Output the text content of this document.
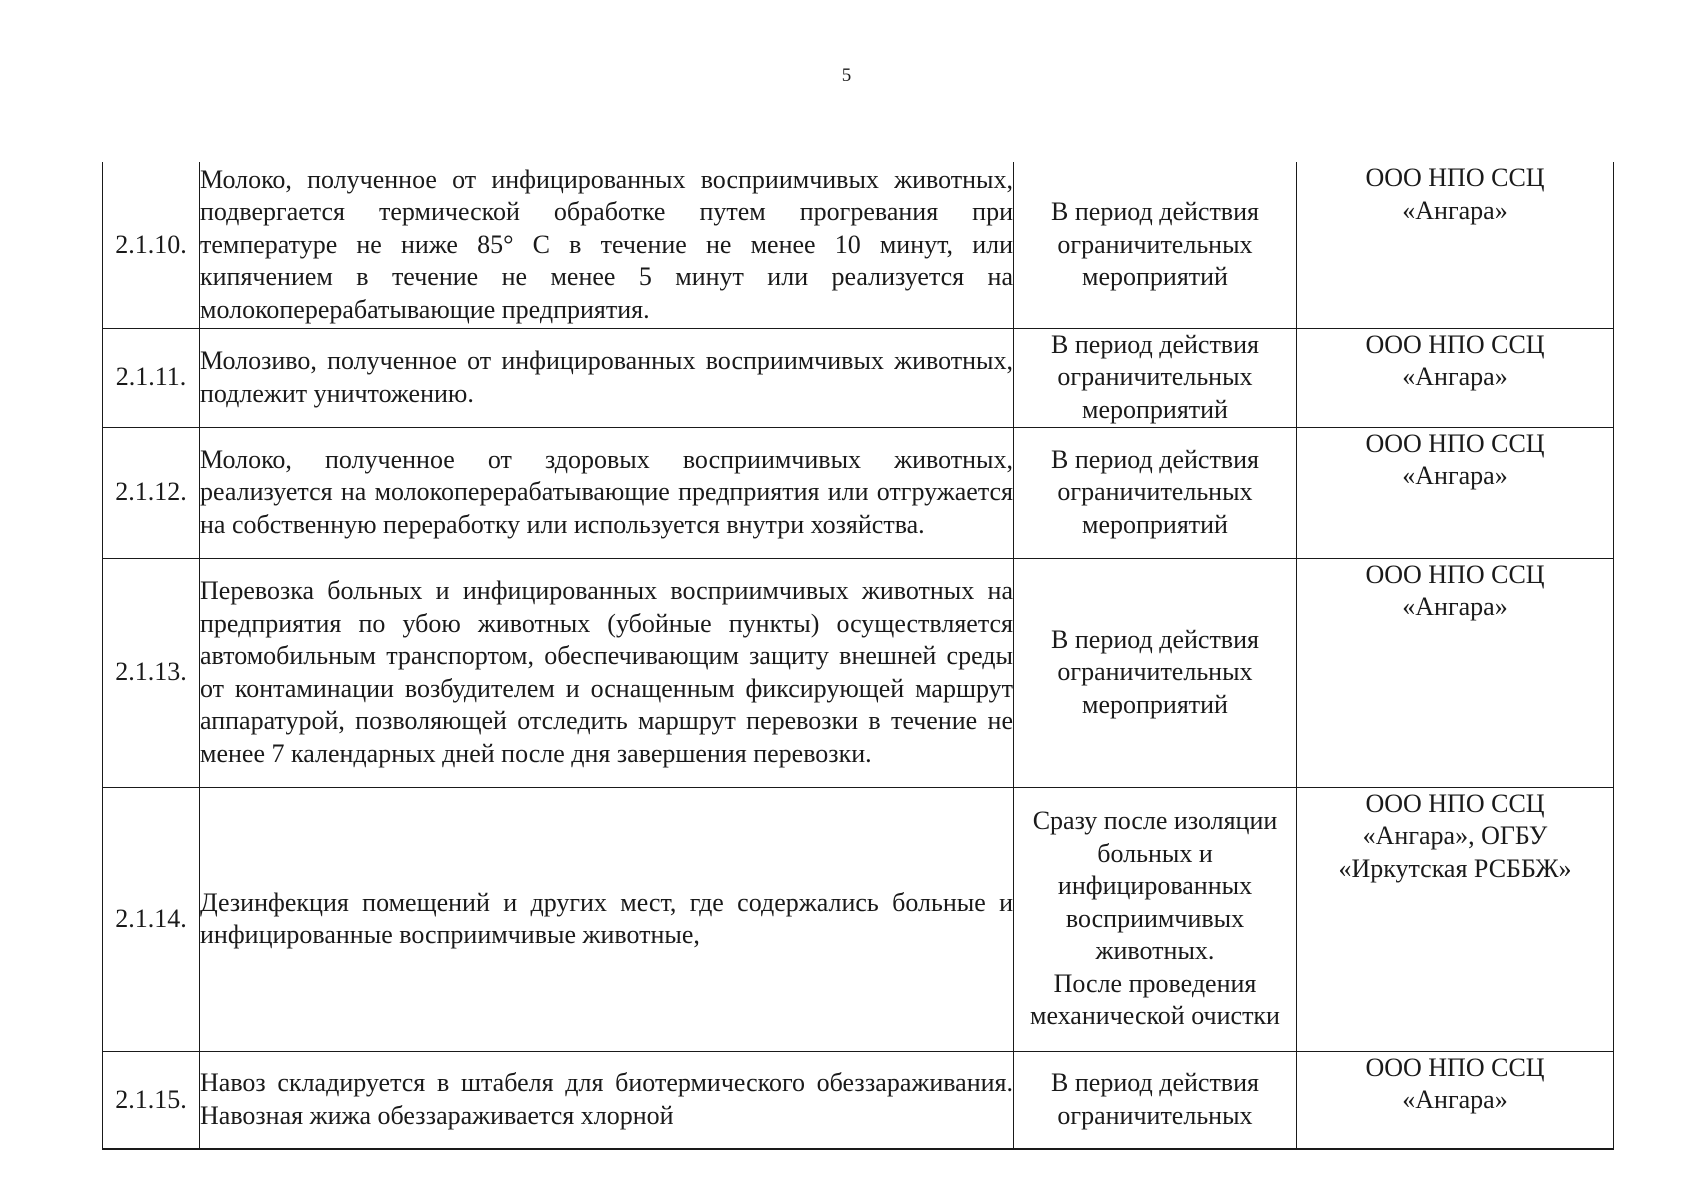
5
2.1.10.	Молоко, полученное от инфицированных восприимчивых животных, подвергается термической обработке путем прогревания при температуре не ниже 85° С в течение не менее 10 минут, или кипячением в течение не менее 5 минут или реализуется на молокоперерабатывающие предприятия.	В период действия ограничительных мероприятий	ООО НПО ССЦ
«Ангара»
2.1.11.	Молозиво, полученное от инфицированных восприимчивых животных, подлежит уничтожению.	В период действия ограничительных мероприятий	ООО НПО ССЦ
«Ангара»
2.1.12.	Молоко, полученное от здоровых восприимчивых животных, реализуется на молокоперерабатывающие предприятия или отгружается на собственную переработку или используется внутри хозяйства.	В период действия ограничительных мероприятий	ООО НПО ССЦ
«Ангара»
2.1.13.	Перевозка больных и инфицированных восприимчивых животных на предприятия по убою животных (убойные пункты) осуществляется автомобильным транспортом, обеспечивающим защиту внешней среды от контаминации возбудителем и оснащенным фиксирующей маршрут аппаратурой, позволяющей отследить маршрут перевозки в течение не менее 7 календарных дней после дня завершения перевозки.	В период действия ограничительных мероприятий	ООО НПО ССЦ
«Ангара»
2.1.14.	Дезинфекция помещений и других мест, где содержались больные и инфицированные восприимчивые животные,	Сразу после изоляции больных и инфицированных восприимчивых животных.
После проведения механической очистки	ООО НПО ССЦ
«Ангара», ОГБУ
«Иркутская РСББЖ»
2.1.15.	Навоз складируется в штабеля для биотермического обеззараживания. Навозная жижа обеззараживается хлорной	В период действия ограничительных	ООО НПО ССЦ
«Ангара»
